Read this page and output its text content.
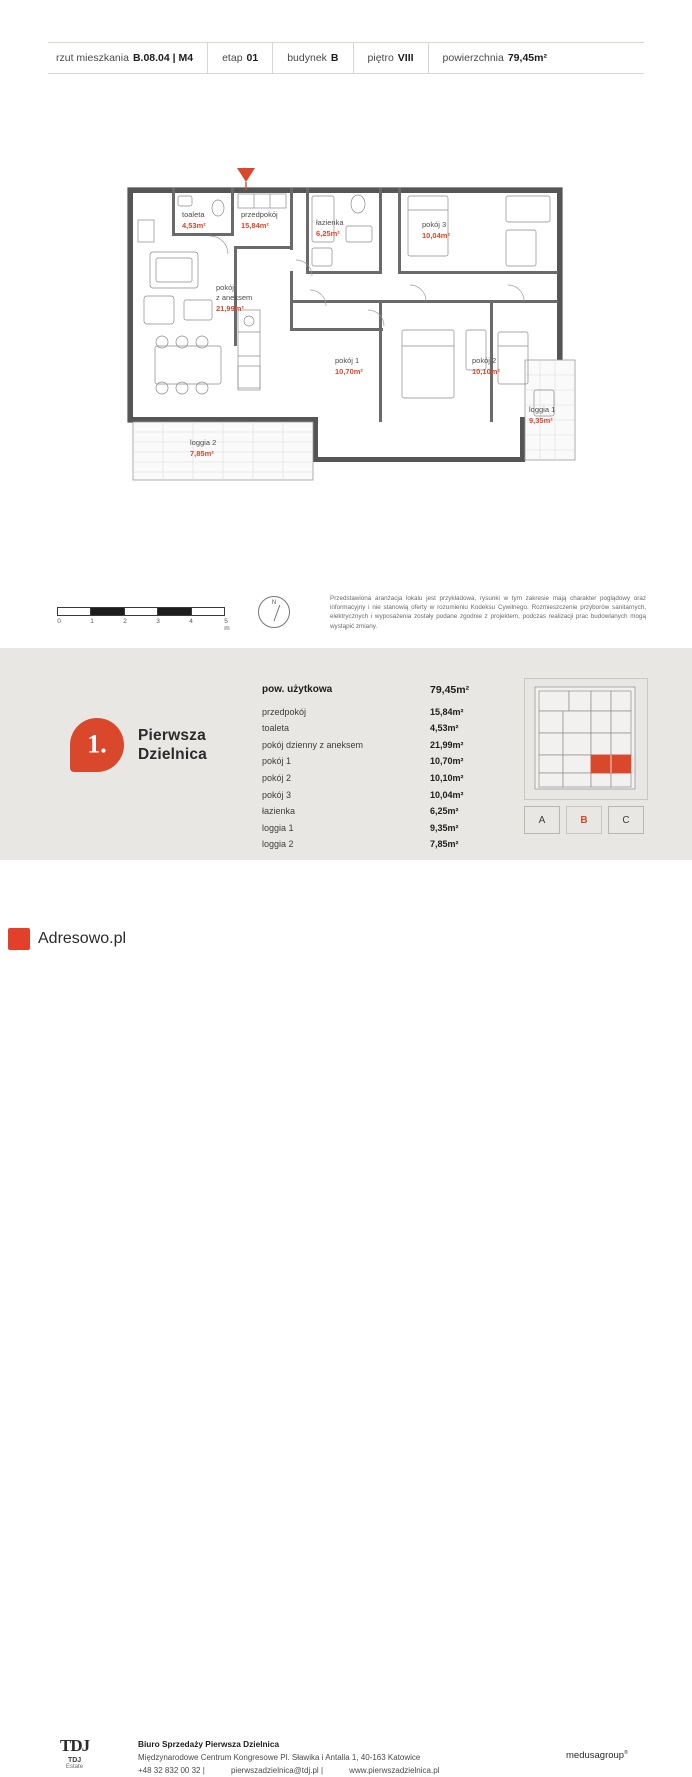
rzut mieszkania B.08.04 | M4	etap 01	budynek B	piętro VIII	powierzchnia 79,45m²
toaleta
4,53m²
przedpokój
15,84m²	łazienka
6,25m²
pokój 3
10,04m²
pokój
z aneksem
21,99m²
pokój 1
10,70m²
pokój 2
10,10m²
loggia 1
9,35m²
loggia 2
7,85m²
0	1	2	3	4	5 m
N
Przedstawiona aranżacja lokalu jest przykładowa, rysunki w tym zakresie mają charakter poglądowy oraz informacyjny i nie stanowią oferty w rozumieniu Kodeksu Cywilnego. Rozmieszczenie przyborów sanitarnych, elektrycznych i wyposażenia zostały podane zgodnie z projektem, podczas realizacji prac budowlanych mogą wystąpić zmiany.
1. Pierwsza
Dzielnica
pow. użytkowa	79,45m²
przedpokój	15,84m²
toaleta	4,53m²
pokój dzienny z aneksem	21,99m²
pokój 1	10,70m²
pokój 2	10,10m²
pokój 3	10,04m²
łazienka	6,25m²
loggia 1	9,35m²
loggia 2	7,85m²
A	B	C
TDJ
TDJ
Estate
Biuro Sprzedaży Pierwsza Dzielnica
Międzynarodowe Centrum Kongresowe Pl. Sławika i Antalla 1, 40-163 Katowice
+48 32 832 00 32 |	pierwszadzielnica@tdj.pl |	www.pierwszadzielnica.pl
medusagroup®
Adresowo.pl
